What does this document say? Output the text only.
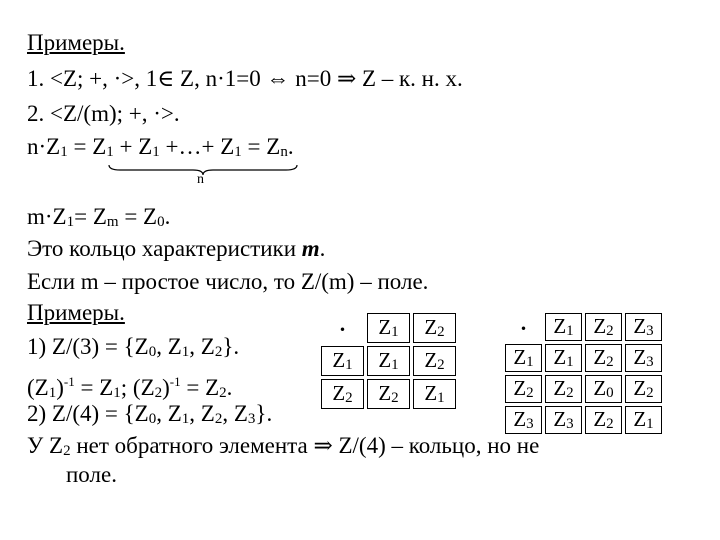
Примеры.
1. <Z; +, ·>, 1∈ Z, n·1=0 ⇔ n=0 ⇒ Z – к. н. х.
2. <Z/(m); +, ·>.
$n\cdot Z_1 = Z_1 + Z_1$ +…+ $Z_1 = Z_n$.
n
$m\cdot Z_1= Z_m = Z_0$.
Это кольцо характеристики m.
Если m – простое число, то Z/(m) – поле.
Примеры.
1) $Z/(3) = \{Z_0$, $Z_1$, $Z_2$}.
$(Z_1)^{-1} = Z_1$; $(Z_2)^{-1} = Z_2$.
2) $Z/(4) = \{Z_0$, $Z_1$, $Z_2$, $Z_3$}.
У $Z_2$ нет обратного элемента ⇒ Z/(4) – кольцо, но не
поле.
·	$Z_1$	$Z_2$
$Z_1$	$Z_1$	$Z_2$
$Z_2$	$Z_2$	$Z_1$
·	$Z_1$	$Z_2$	$Z_3$
$Z_1$	$Z_1$	$Z_2$	$Z_3$
$Z_2$	$Z_2$	$Z_0$	$Z_2$
$Z_3$	$Z_3$	$Z_2$	$Z_1$
